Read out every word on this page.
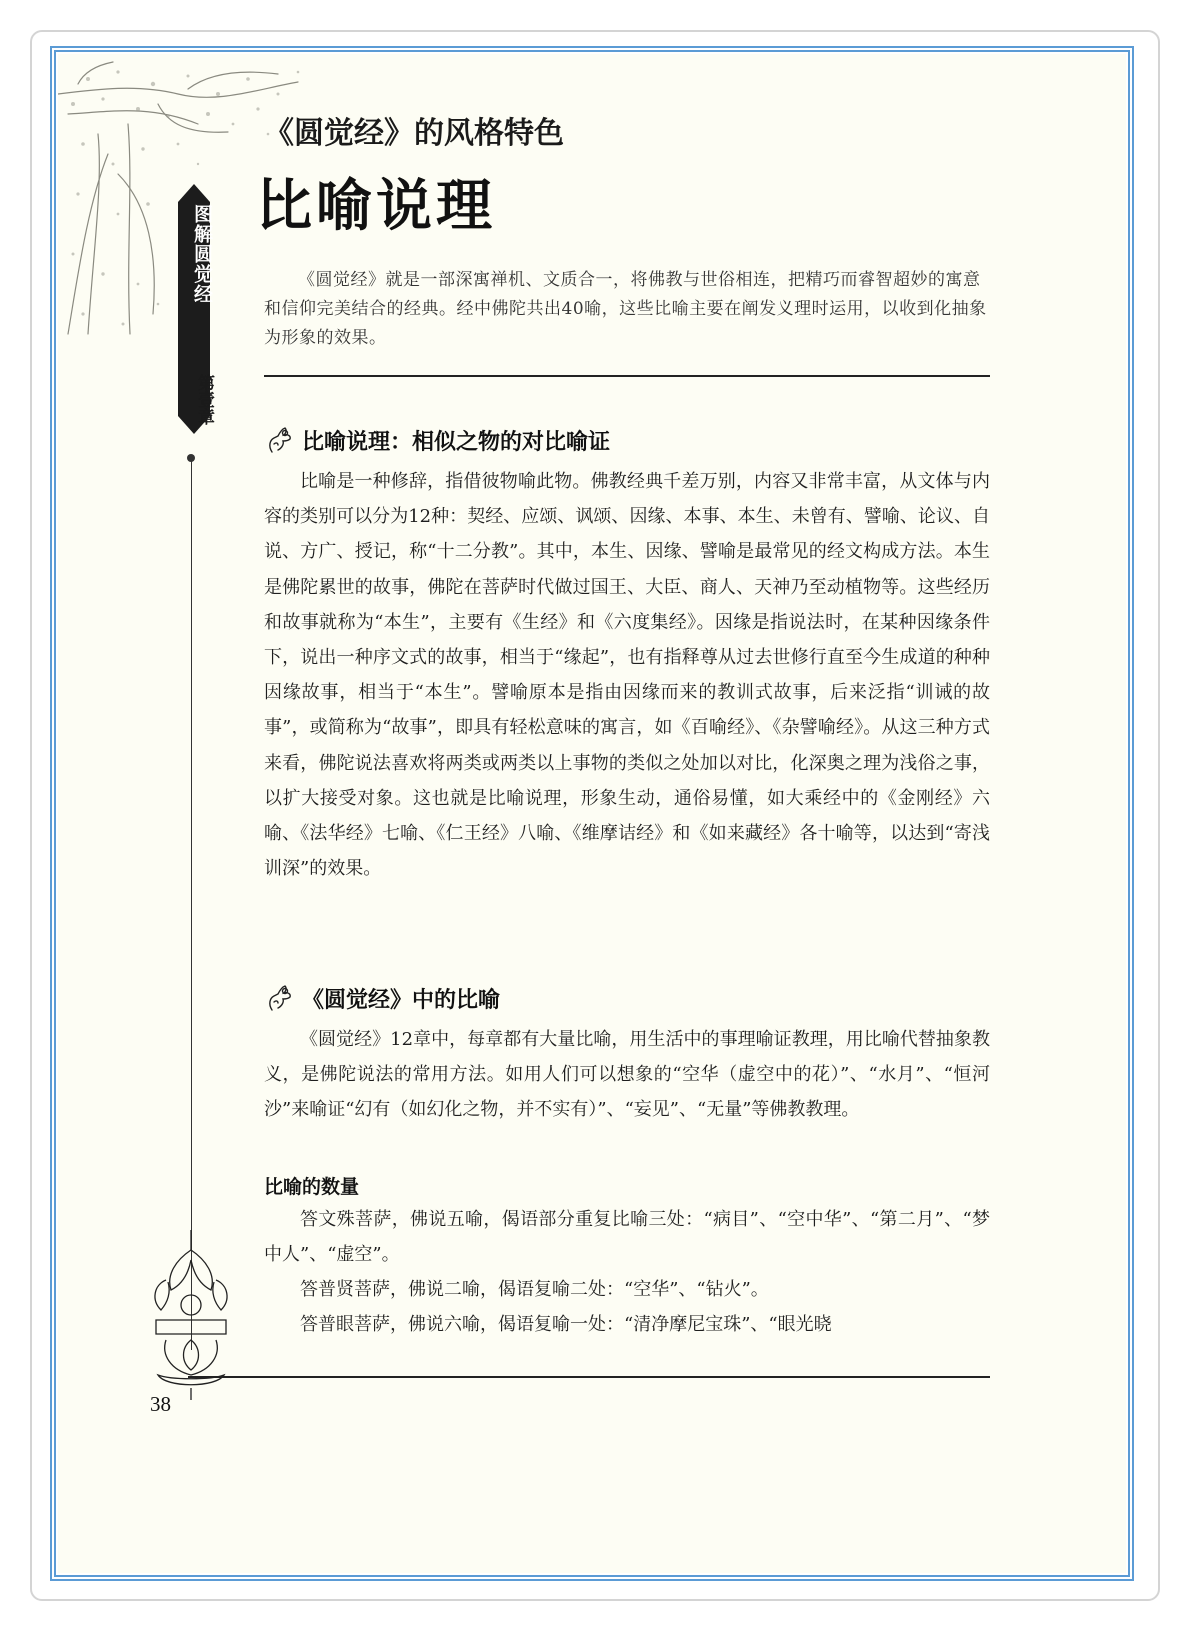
图解圆觉经
第壹章
《圆觉经》的风格特色
比喻说理
《圆觉经》就是一部深寓禅机、文质合一，将佛教与世俗相连，把精巧而睿智超妙的寓意和信仰完美结合的经典。经中佛陀共出40喻，这些比喻主要在阐发义理时运用，以收到化抽象为形象的效果。
比喻说理：相似之物的对比喻证
比喻是一种修辞，指借彼物喻此物。佛教经典千差万别，内容又非常丰富，从文体与内容的类别可以分为12种：契经、应颂、讽颂、因缘、本事、本生、未曾有、譬喻、论议、自说、方广、授记，称“十二分教”。其中，本生、因缘、譬喻是最常见的经文构成方法。本生是佛陀累世的故事，佛陀在菩萨时代做过国王、大臣、商人、天神乃至动植物等。这些经历和故事就称为“本生”，主要有《生经》和《六度集经》。因缘是指说法时，在某种因缘条件下，说出一种序文式的故事，相当于“缘起”，也有指释尊从过去世修行直至今生成道的种种因缘故事，相当于“本生”。譬喻原本是指由因缘而来的教训式故事，后来泛指“训诫的故事”，或简称为“故事”，即具有轻松意味的寓言，如《百喻经》、《杂譬喻经》。从这三种方式来看，佛陀说法喜欢将两类或两类以上事物的类似之处加以对比，化深奥之理为浅俗之事，以扩大接受对象。这也就是比喻说理，形象生动，通俗易懂，如大乘经中的《金刚经》六喻、《法华经》七喻、《仁王经》八喻、《维摩诘经》和《如来藏经》各十喻等，以达到“寄浅训深”的效果。
《圆觉经》中的比喻
《圆觉经》12章中，每章都有大量比喻，用生活中的事理喻证教理，用比喻代替抽象教义，是佛陀说法的常用方法。如用人们可以想象的“空华（虚空中的花）”、“水月”、“恒河沙”来喻证“幻有（如幻化之物，并不实有）”、“妄见”、“无量”等佛教教理。
比喻的数量
答文殊菩萨，佛说五喻，偈语部分重复比喻三处：“病目”、“空中华”、“第二月”、“梦中人”、“虚空”。
答普贤菩萨，佛说二喻，偈语复喻二处：“空华”、“钻火”。
答普眼菩萨，佛说六喻，偈语复喻一处：“清净摩尼宝珠”、“眼光晓
38
